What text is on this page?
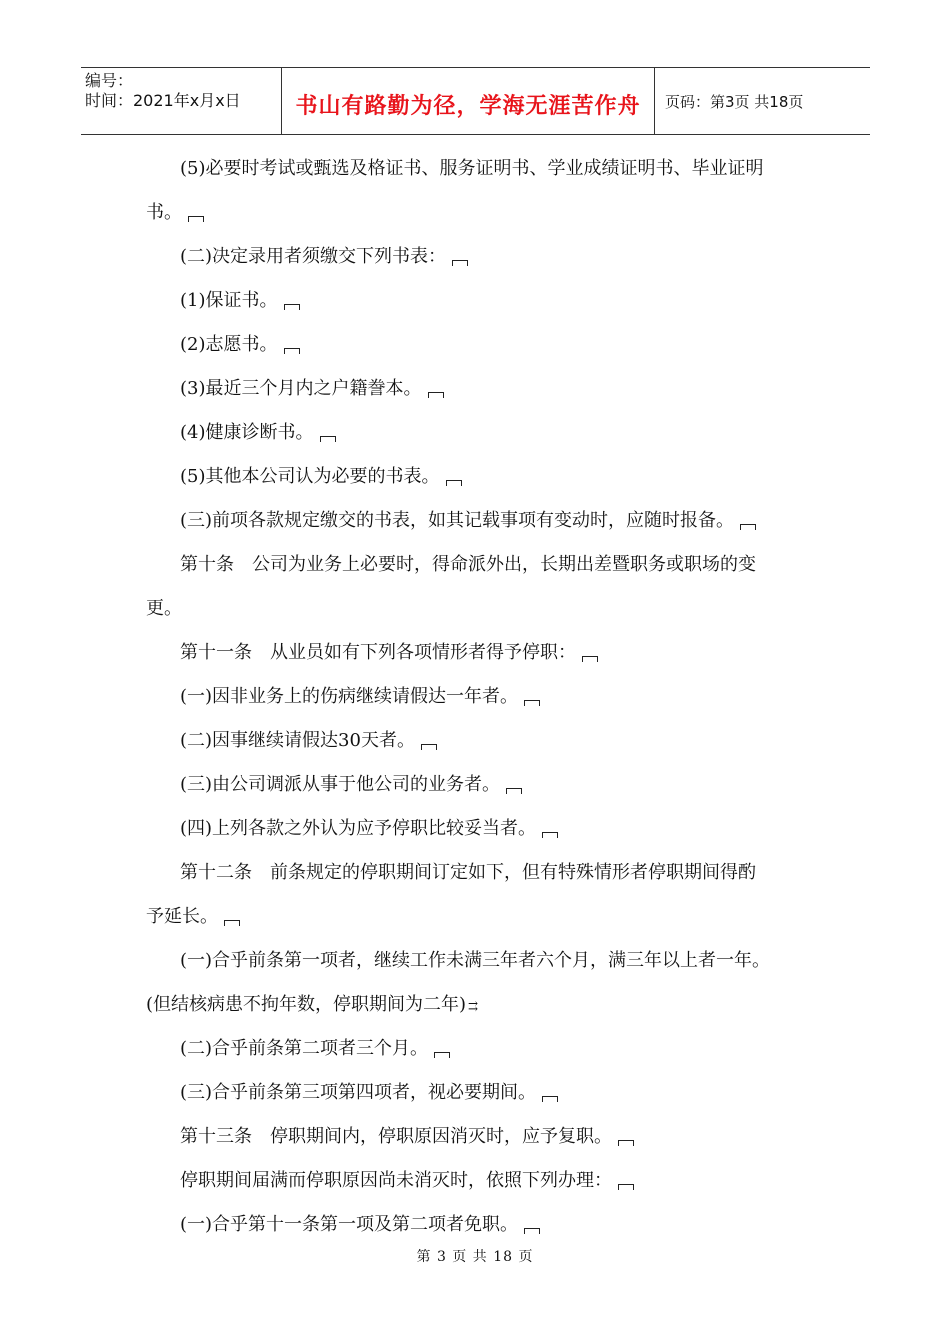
编号：
时间：2021年x月x日 书山有路勤为径，学海无涯苦作舟 页码：第3页 共18页
(5)必要时考试或甄选及格证书、服务证明书、学业成绩证明书、毕业证明
书。
(二)决定录用者须缴交下列书表：
(1)保证书。
(2)志愿书。
(3)最近三个月内之户籍誊本。
(4)健康诊断书。
(5)其他本公司认为必要的书表。
(三)前项各款规定缴交的书表，如其记载事项有变动时，应随时报备。
第十条　公司为业务上必要时，得命派外出，长期出差暨职务或职场的变
更。
第十一条　从业员如有下列各项情形者得予停职：
(一)因非业务上的伤病继续请假达一年者。
(二)因事继续请假达30天者。
(三)由公司调派从事于他公司的业务者。
(四)上列各款之外认为应予停职比较妥当者。
第十二条　前条规定的停职期间订定如下，但有特殊情形者停职期间得酌
予延长。
(一)合乎前条第一项者，继续工作未满三年者六个月，满三年以上者一年。
(但结核病患不拘年数，停职期间为二年) ⇉
(二)合乎前条第二项者三个月。
(三)合乎前条第三项第四项者，视必要期间。
第十三条　停职期间内，停职原因消灭时，应予复职。
停职期间届满而停职原因尚未消灭时，依照下列办理：
(一)合乎第十一条第一项及第二项者免职。
第 3 页 共 18 页
